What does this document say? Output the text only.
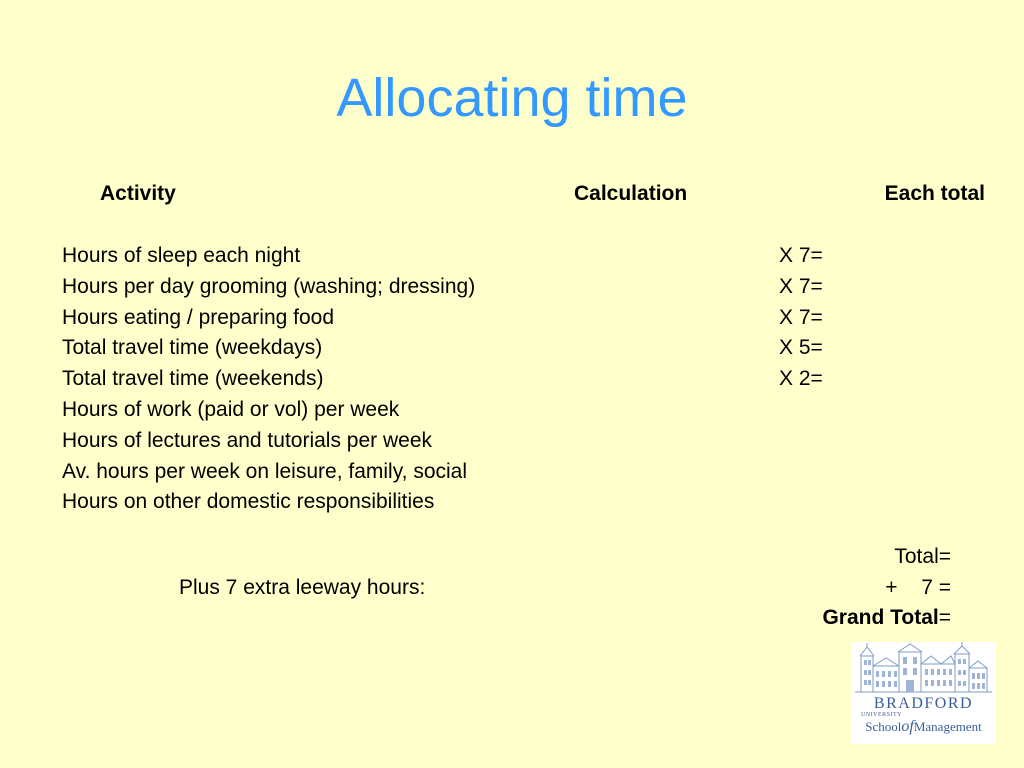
Allocating time
Activity	Calculation	Each total
Hours of sleep each night	X 7=
Hours per day grooming (washing; dressing)	X 7=
Hours eating / preparing food	X 7=
Total travel time (weekdays)	X 5=
Total travel time (weekends)	X 2=
Hours of work (paid or vol) per week
Hours of lectures and tutorials per week
Av. hours per week on leisure, family, social
Hours on other domestic responsibilities
Total=
Plus 7 extra leeway hours:	+ 7 =
Grand Total=
BRADFORD
UNIVERSITY
SchoolofManagement
